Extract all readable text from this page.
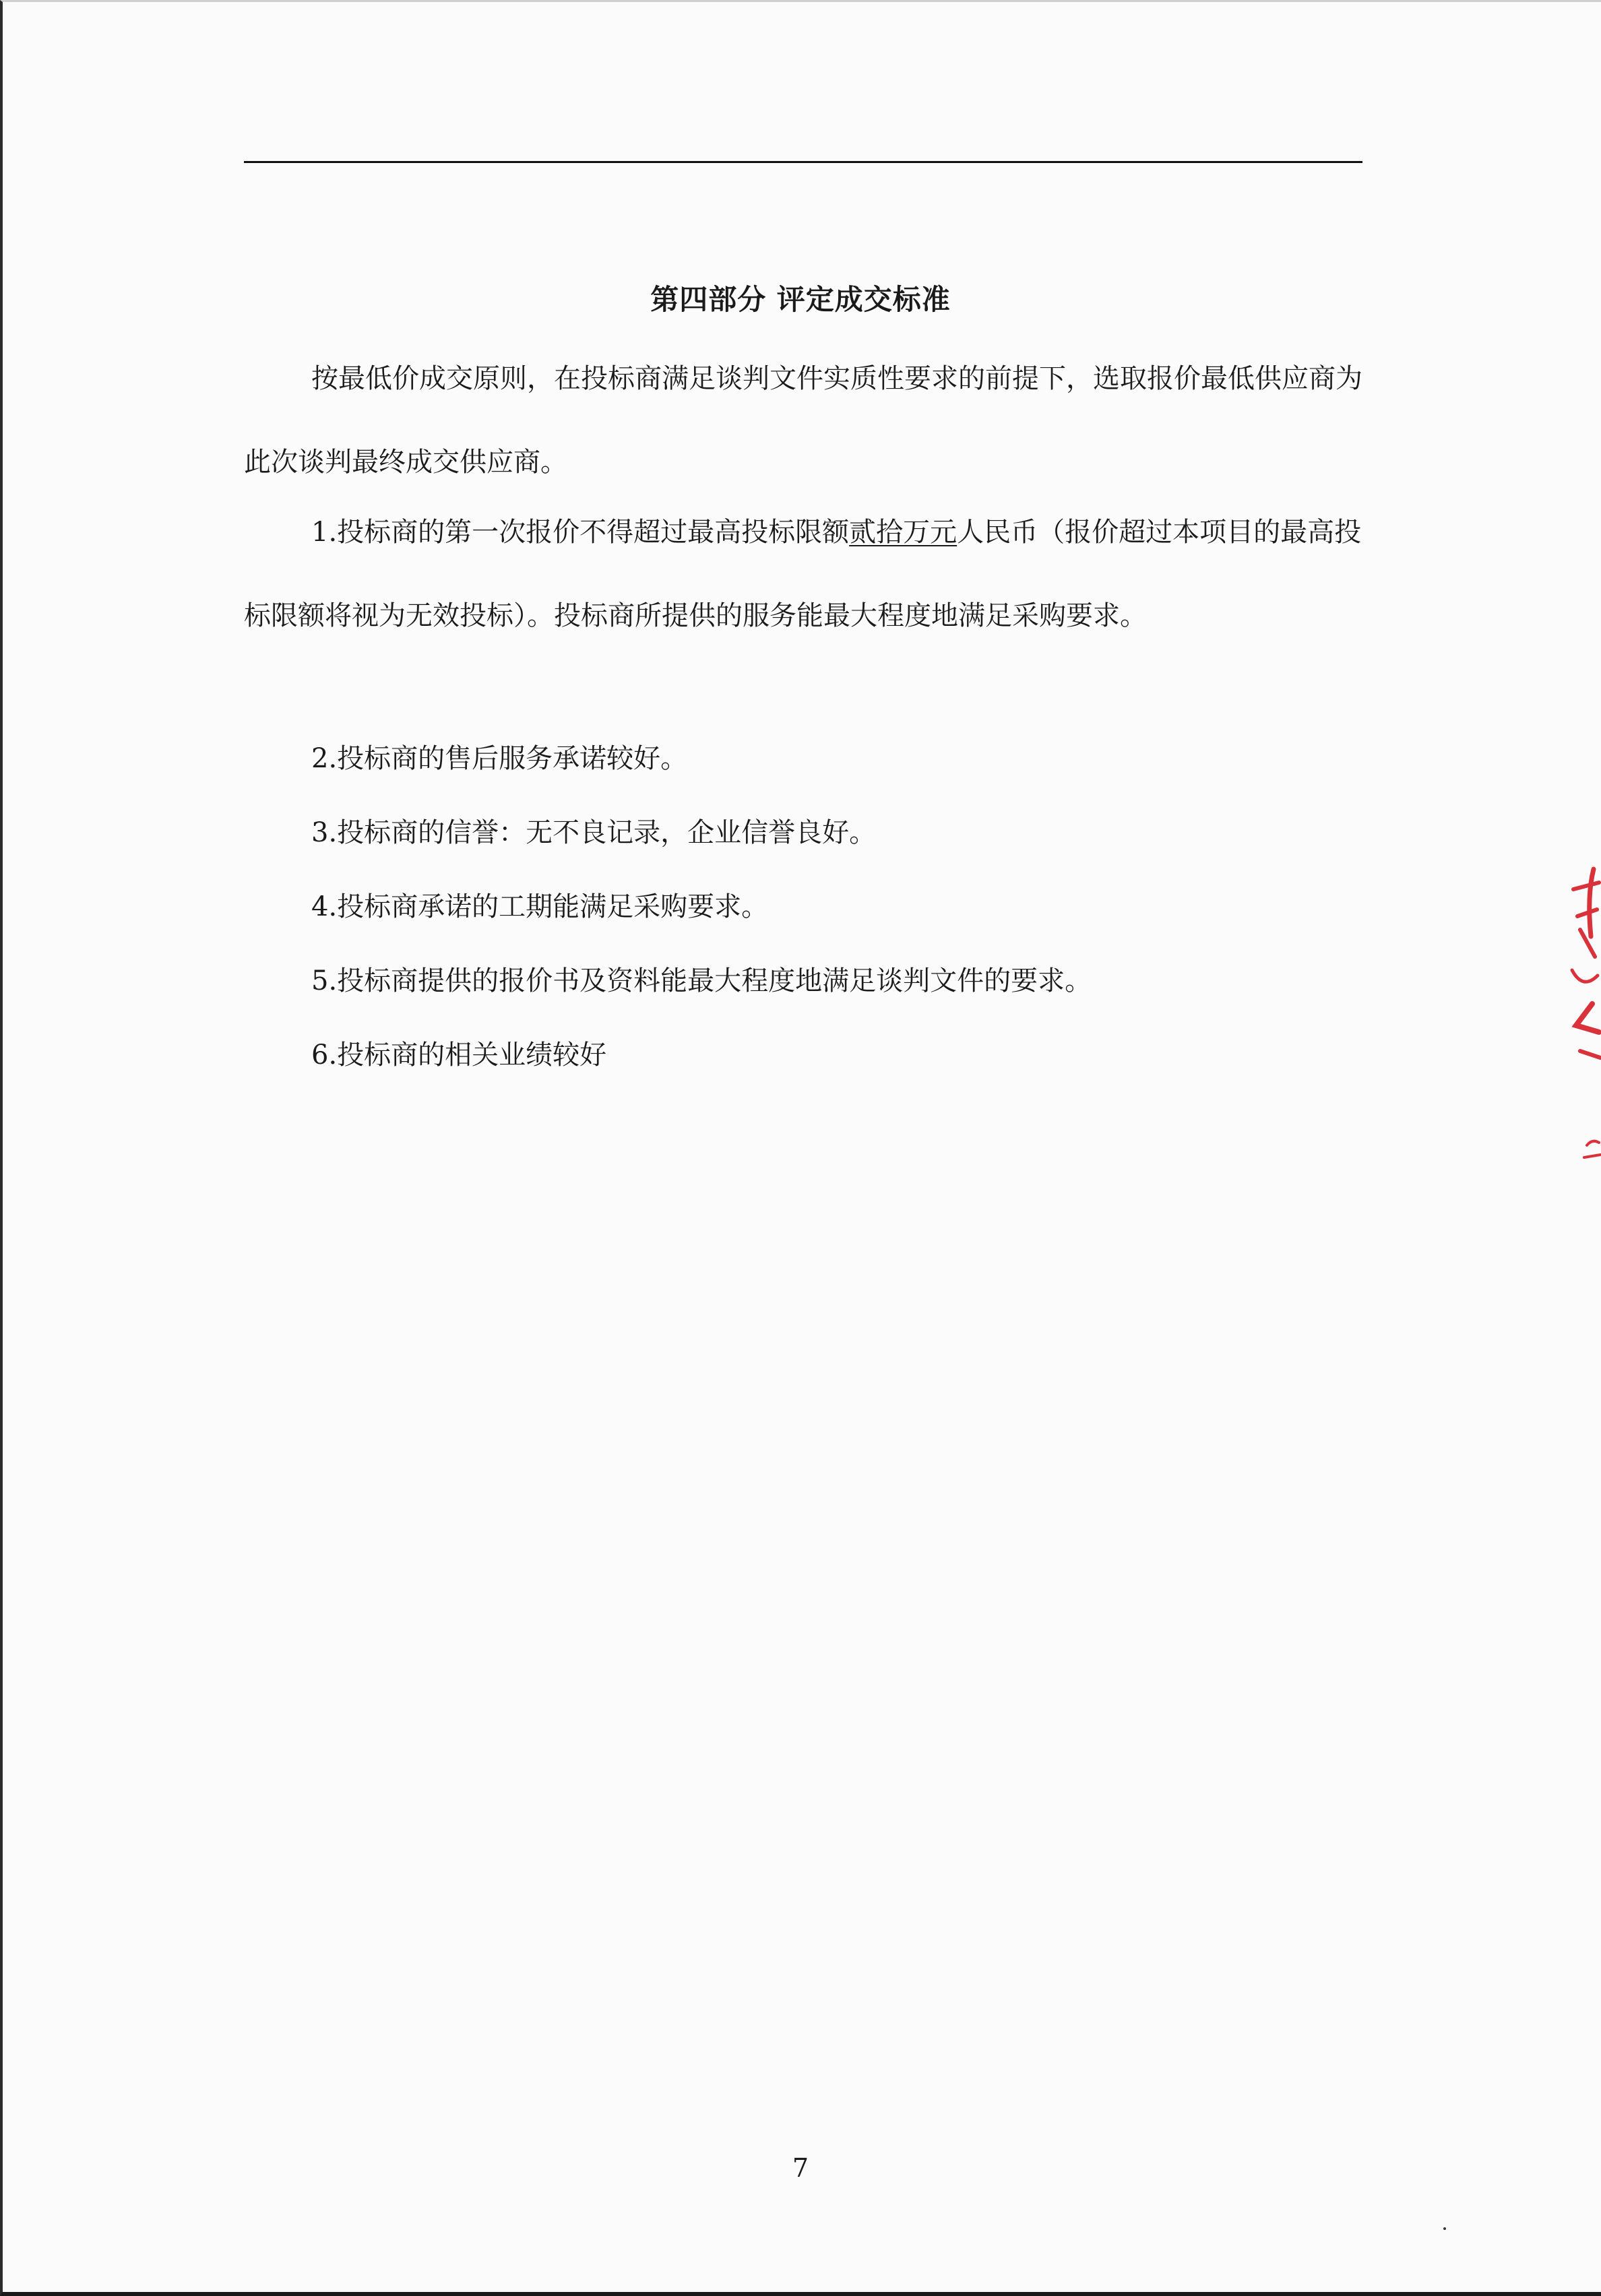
第四部分 评定成交标准

按最低价成交原则，在投标商满足谈判文件实质性要求的前提下，选取报价最低供应商为此次谈判最终成交供应商。

1.投标商的第一次报价不得超过最高投标限额贰拾万元人民币（报价超过本项目的最高投标限额将视为无效投标）。投标商所提供的服务能最大程度地满足采购要求。

2.投标商的售后服务承诺较好。

3.投标商的信誉：无不良记录，企业信誉良好。

4.投标商承诺的工期能满足采购要求。

5.投标商提供的报价书及资料能最大程度地满足谈判文件的要求。

6.投标商的相关业绩较好

7
